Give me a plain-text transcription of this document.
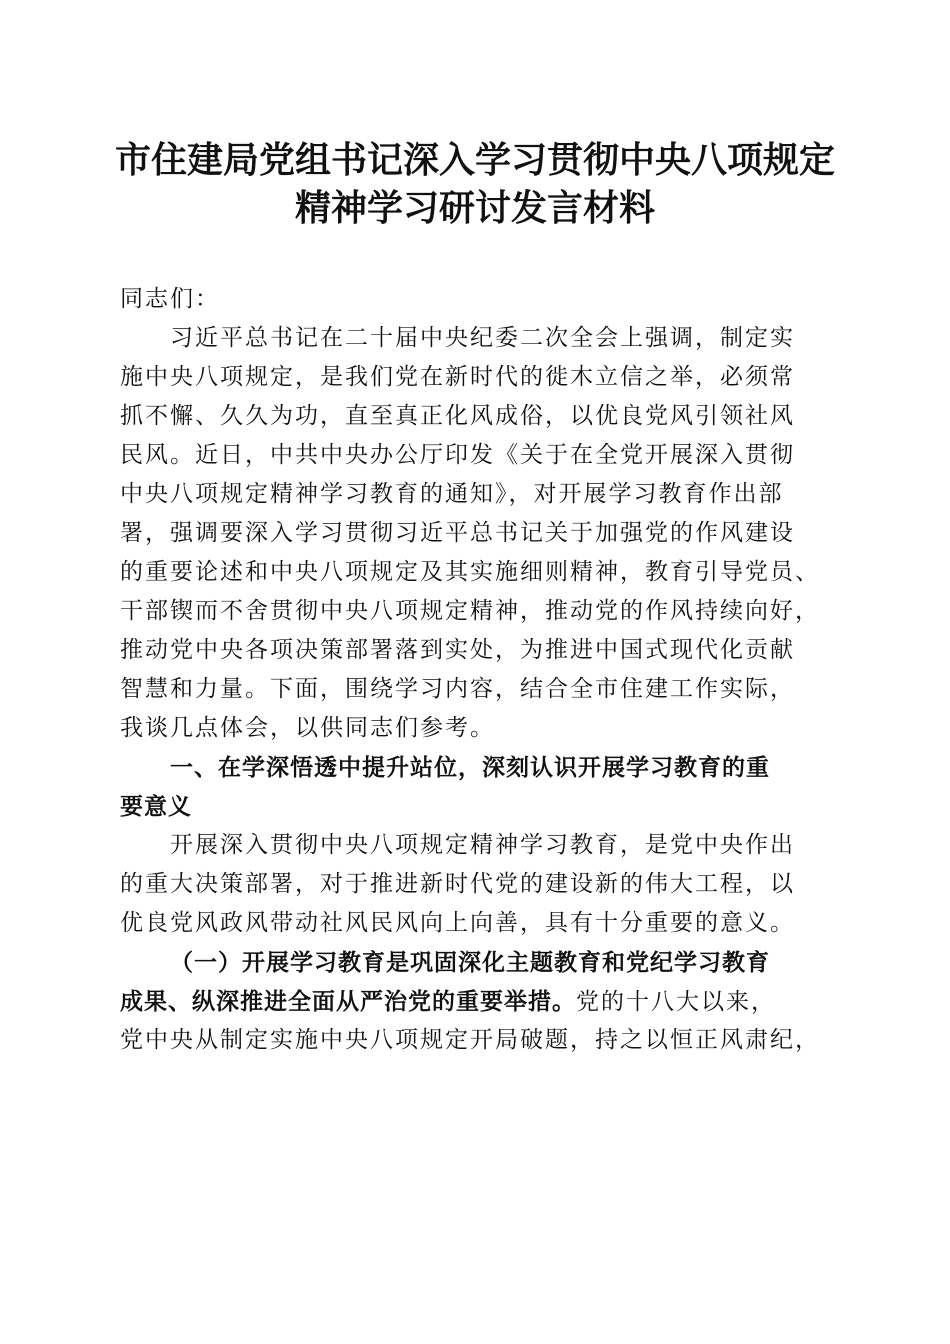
市住建局党组书记深入学习贯彻中央八项规定
精神学习研讨发言材料
同志们：
习近平总书记在二十届中央纪委二次全会上强调，制定实
施中央八项规定，是我们党在新时代的徙木立信之举，必须常
抓不懈、久久为功，直至真正化风成俗，以优良党风引领社风
民风。近日，中共中央办公厅印发《关于在全党开展深入贯彻
中央八项规定精神学习教育的通知》，对开展学习教育作出部
署，强调要深入学习贯彻习近平总书记关于加强党的作风建设
的重要论述和中央八项规定及其实施细则精神，教育引导党员、
干部锲而不舍贯彻中央八项规定精神，推动党的作风持续向好，
推动党中央各项决策部署落到实处，为推进中国式现代化贡献
智慧和力量。下面，围绕学习内容，结合全市住建工作实际，
我谈几点体会，以供同志们参考。
一、在学深悟透中提升站位，深刻认识开展学习教育的重
要意义
开展深入贯彻中央八项规定精神学习教育，是党中央作出
的重大决策部署，对于推进新时代党的建设新的伟大工程，以
优良党风政风带动社风民风向上向善，具有十分重要的意义。
（一）开展学习教育是巩固深化主题教育和党纪学习教育
成果、纵深推进全面从严治党的重要举措。党的十八大以来，
党中央从制定实施中央八项规定开局破题，持之以恒正风肃纪，
